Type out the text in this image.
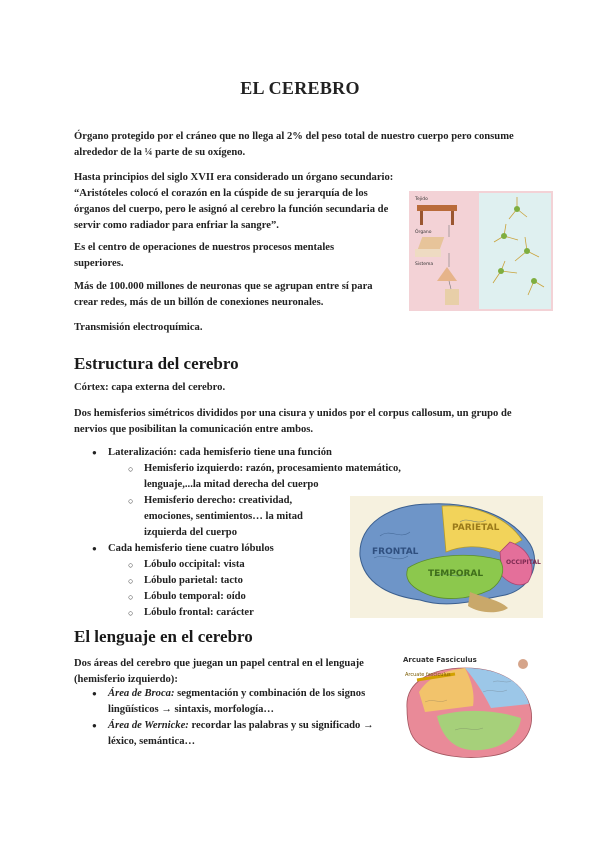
EL CEREBRO

Órgano protegido por el cráneo que no llega al 2% del peso total de nuestro cuerpo pero consume alrededor de la ¼ parte de su oxígeno.

Hasta principios del siglo XVII era considerado un órgano secundario:

“Aristóteles colocó el corazón en la cúspide de su jerarquía de los órganos del cuerpo, pero le asignó al cerebro la función secundaria de servir como radiador para enfriar la sangre”.

Es el centro de operaciones de nuestros procesos mentales superiores.

Más de 100.000 millones de neuronas que se agrupan entre sí para crear redes, más de un billón de conexiones neuronales.

Transmisión electroquímica.

Tejido
Órgano
Sistema
Estructura del cerebro

Córtex: capa externa del cerebro.

Dos hemisferios simétricos divididos por una cisura y unidos por el corpus callosum, un grupo de nervios que posibilitan la comunicación entre ambos.

● Lateralización: cada hemisferio tiene una función
○ Hemisferio izquierdo: razón, procesamiento matemático, lenguaje,...la mitad derecha del cuerpo
○ Hemisferio derecho: creatividad, emociones, sentimientos… la mitad izquierda del cuerpo
● Cada hemisferio tiene cuatro lóbulos
○ Lóbulo occipital: vista
○ Lóbulo parietal: tacto
○ Lóbulo temporal: oído
○ Lóbulo frontal: carácter
FRONTAL
PARIETAL
TEMPORAL
OCCIPITAL
El lenguaje en el cerebro

Dos áreas del cerebro que juegan un papel central en el lenguaje (hemisferio izquierdo):

● Área de Broca: segmentación y combinación de los signos lingüísticos → sintaxis, morfología…
● Área de Wernicke: recordar las palabras y su significado → léxico, semántica…
Arcuate Fasciculus
Arcuate fasciculus
